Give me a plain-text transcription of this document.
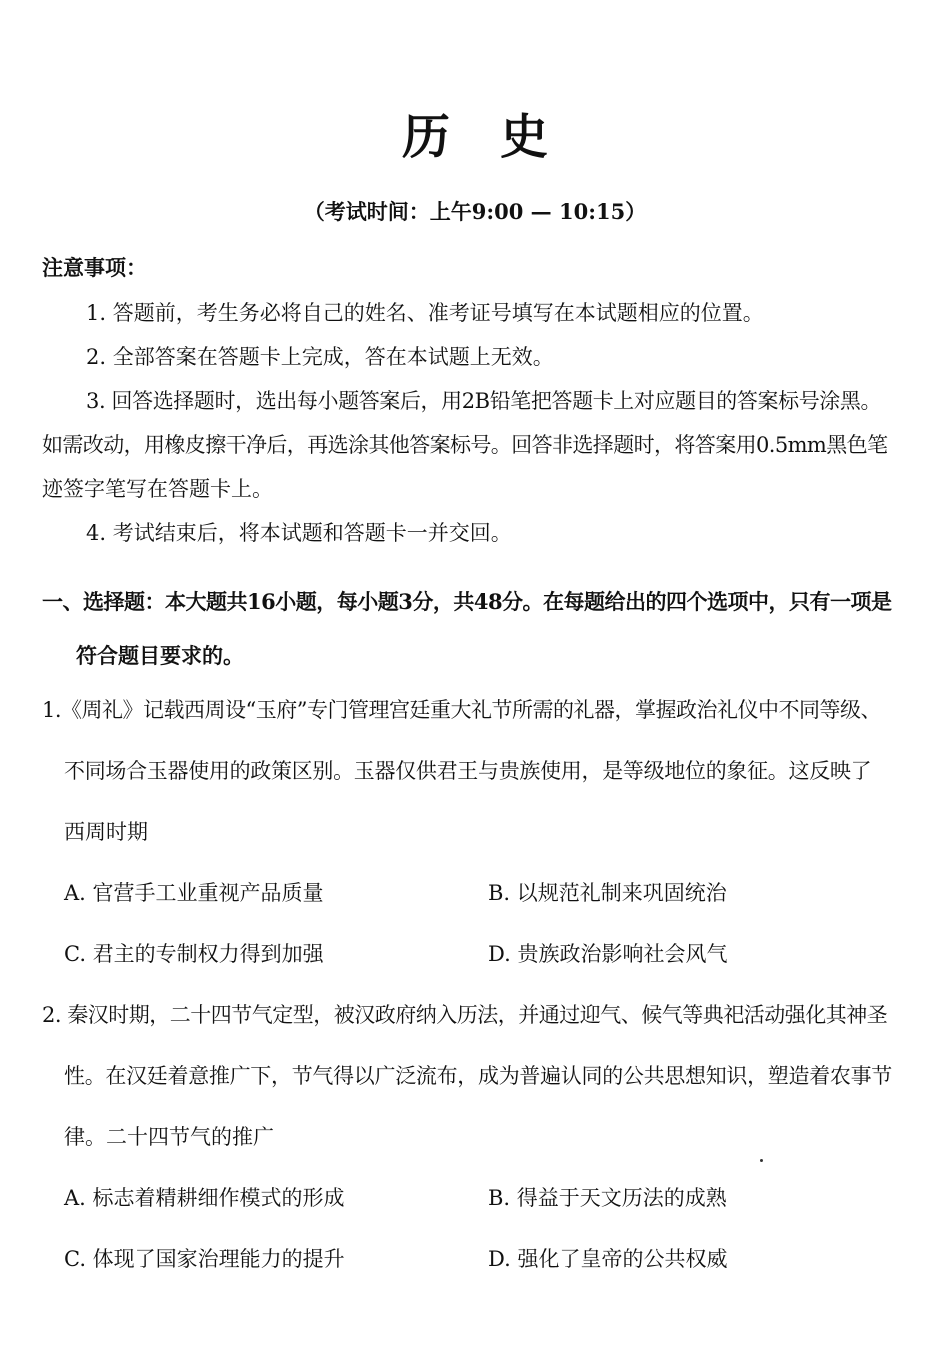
历史
（考试时间：上午9:00 — 10:15）
注意事项：
1. 答题前，考生务必将自己的姓名、准考证号填写在本试题相应的位置。
2. 全部答案在答题卡上完成，答在本试题上无效。
3. 回答选择题时，选出每小题答案后，用2B铅笔把答题卡上对应题目的答案标号涂黑。
如需改动，用橡皮擦干净后，再选涂其他答案标号。回答非选择题时，将答案用0.5mm黑色笔
迹签字笔写在答题卡上。
4. 考试结束后，将本试题和答题卡一并交回。
一、选择题：本大题共16小题，每小题3分，共48分。在每题给出的四个选项中，只有一项是
符合题目要求的。
1.《周礼》记载西周设“玉府”专门管理宫廷重大礼节所需的礼器，掌握政治礼仪中不同等级、
不同场合玉器使用的政策区别。玉器仅供君王与贵族使用，是等级地位的象征。这反映了
西周时期
A. 官营手工业重视产品质量	B. 以规范礼制来巩固统治
C. 君主的专制权力得到加强	D. 贵族政治影响社会风气
2. 秦汉时期，二十四节气定型，被汉政府纳入历法，并通过迎气、候气等典祀活动强化其神圣
性。在汉廷着意推广下，节气得以广泛流布，成为普遍认同的公共思想知识，塑造着农事节
律。二十四节气的推广
A. 标志着精耕细作模式的形成	B. 得益于天文历法的成熟
C. 体现了国家治理能力的提升	D. 强化了皇帝的公共权威
